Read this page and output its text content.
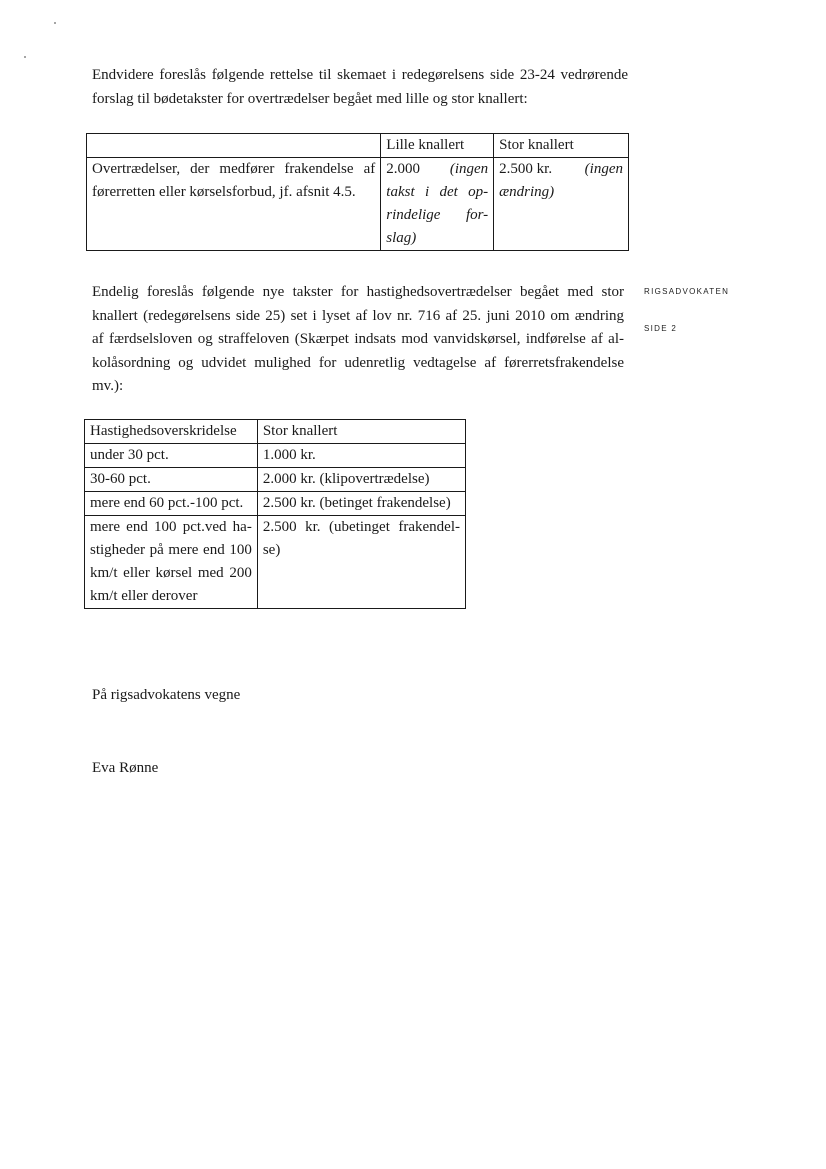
Endvidere foreslås følgende rettelse til skemaet i redegørelsens side 23-24 vedrørende
forslag til bødetakster for overtrædelser begået med lille og stor knallert:

	Lille knallert	Stor knallert

Overtrædelser, der medfører frakendelse af
førerretten eller kørselsforbud, jf. afsnit 4.5.	2.000 (ingen
takst i det op-
rindelige for-
slag)	2.500 kr. (ingen
ændring)
RIGSADVOKATEN
SIDE 2

Endelig foreslås følgende nye takster for hastighedsovertrædelser begået med stor
knallert (redegørelsens side 25) set i lyset af lov nr. 716 af 25. juni 2010 om ændring
af færdselsloven og straffeloven (Skærpet indsats mod vanvidskørsel, indførelse af al-
kolåsordning og udvidet mulighed for udenretlig vedtagelse af førerretsfrakendelse
mv.):

Hastighedsoverskridelse	Stor knallert
under 30 pct.	1.000 kr.
30-60 pct.	2.000 kr. (klipovertrædelse)
mere end 60 pct.-100 pct.	2.500 kr. (betinget frakendelse)

mere end 100 pct.ved ha-
stigheder på mere end 100
km/t eller kørsel med 200
km/t eller derover	2.500 kr. (ubetinget frakendel-
se)
På rigsadvokatens vegne
Eva Rønne
